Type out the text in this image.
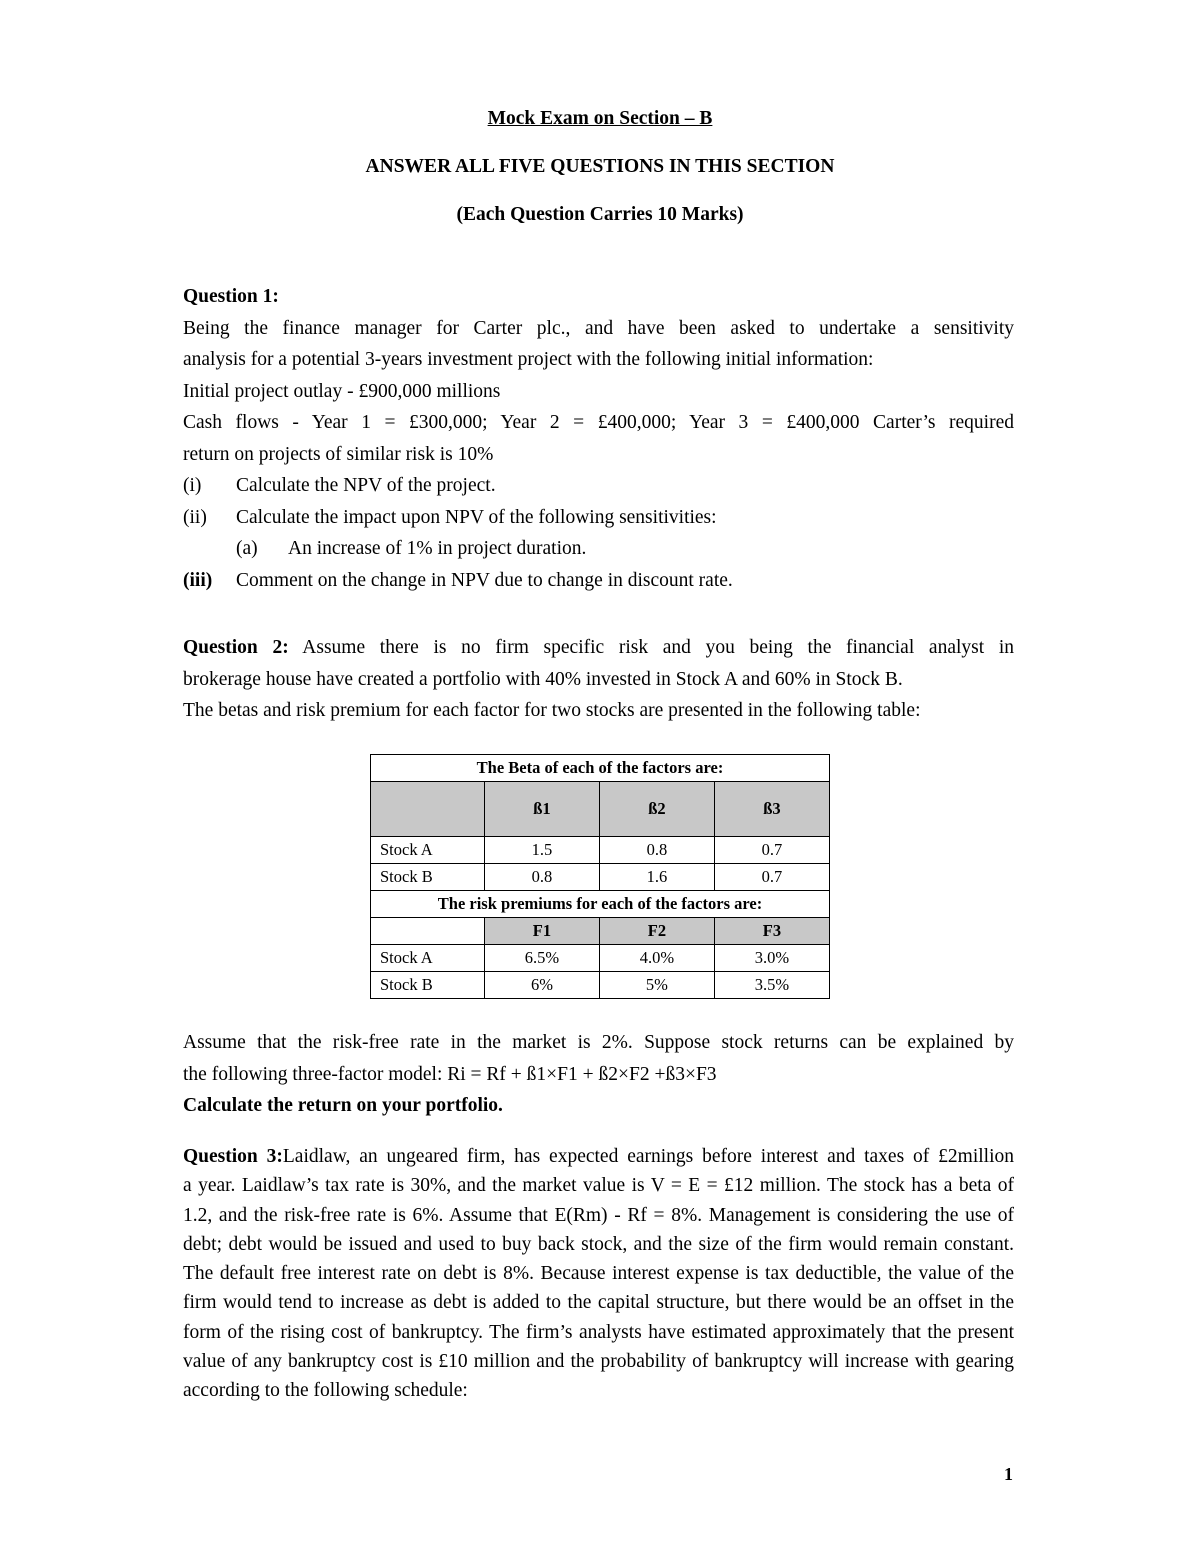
Mock Exam on Section – B
ANSWER ALL FIVE QUESTIONS IN THIS SECTION
(Each Question Carries 10 Marks)
Question 1:
Being the finance manager for Carter plc., and have been asked to undertake a sensitivity
analysis for a potential 3-years investment project with the following initial information:
Initial project outlay - £900,000 millions
Cash flows - Year 1 = £300,000; Year 2 = £400,000; Year 3 = £400,000 Carter’s required
return on projects of similar risk is 10%
(i) Calculate the NPV of the project.
(ii) Calculate the impact upon NPV of the following sensitivities:
(a) An increase of 1% in project duration.
(iii) Comment on the change in NPV due to change in discount rate.
Question 2: Assume there is no firm specific risk and you being the financial analyst in
brokerage house have created a portfolio with 40% invested in Stock A and 60% in Stock B.
The betas and risk premium for each factor for two stocks are presented in the following table:
The Beta of each of the factors are:			
	ß1	ß2	ß3
Stock A	1.5	0.8	0.7
Stock B	0.8	1.6	0.7
The risk premiums for each of the factors are:			
	F1	F2	F3
Stock A	6.5%	4.0%	3.0%
Stock B	6%	5%	3.5%
Assume that the risk-free rate in the market is 2%. Suppose stock returns can be explained by
the following three-factor model: Ri = Rf + ß1×F1 + ß2×F2 +ß3×F3
Calculate the return on your portfolio.
Question 3:Laidlaw, an ungeared firm, has expected earnings before interest and taxes of £2million
a year. Laidlaw’s tax rate is 30%, and the market value is V = E = £12 million. The stock has a beta of
1.2, and the risk-free rate is 6%. Assume that E(Rm) - Rf = 8%. Management is considering the use of
debt; debt would be issued and used to buy back stock, and the size of the firm would remain constant.
The default free interest rate on debt is 8%. Because interest expense is tax deductible, the value of the
firm would tend to increase as debt is added to the capital structure, but there would be an offset in the
form of the rising cost of bankruptcy. The firm’s analysts have estimated approximately that the present
value of any bankruptcy cost is £10 million and the probability of bankruptcy will increase with gearing
according to the following schedule:
1
